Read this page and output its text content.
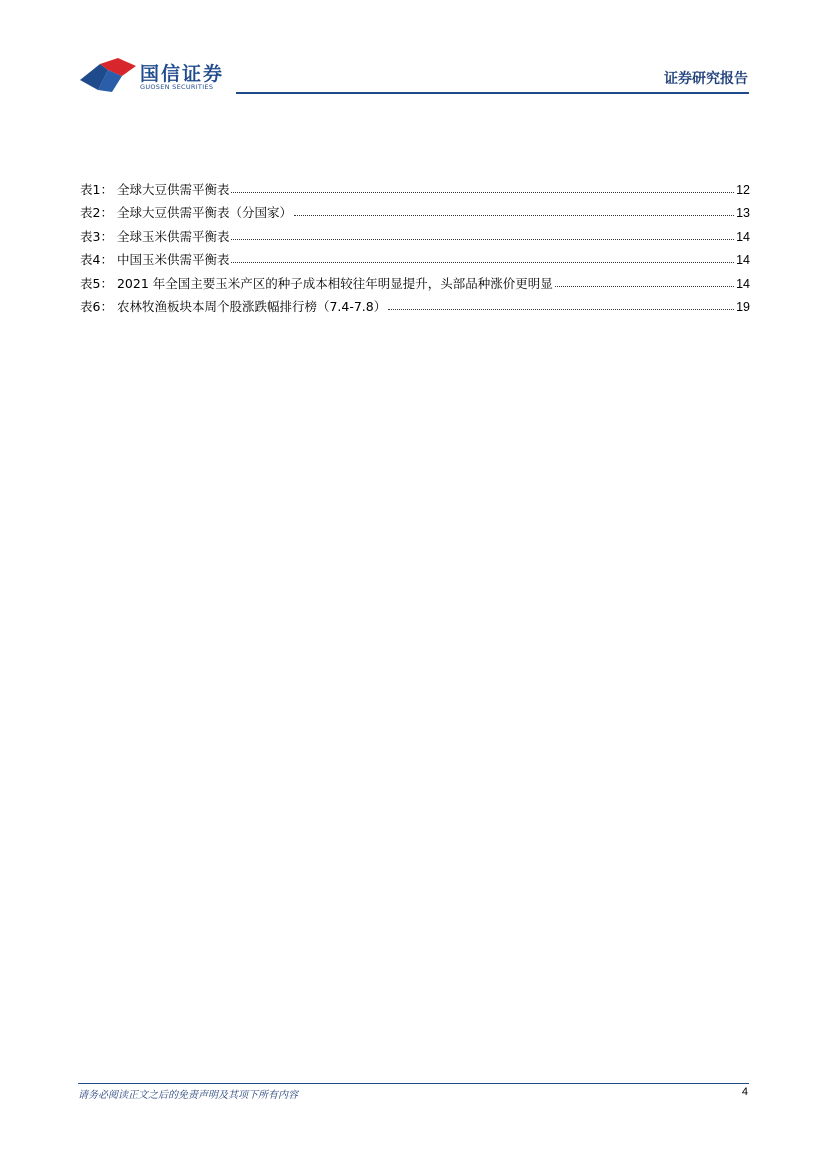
国信证券
GUOSEN SECURITIES	证券研究报告
表1 ： 全球大豆供需平衡表	12
表2 ： 全球大豆供需平衡表（分国家）	13
表3 ： 全球玉米供需平衡表	14
表4 ： 中国玉米供需平衡表	14
表5 ： 2021 年全国主要玉米产区的种子成本相较往年明显提升，头部品种涨价更明显	14
表6 ： 农林牧渔板块本周个股涨跌幅排行榜（7.4-7.8）	19
请务必阅读正文之后的免责声明及其项下所有内容	4
